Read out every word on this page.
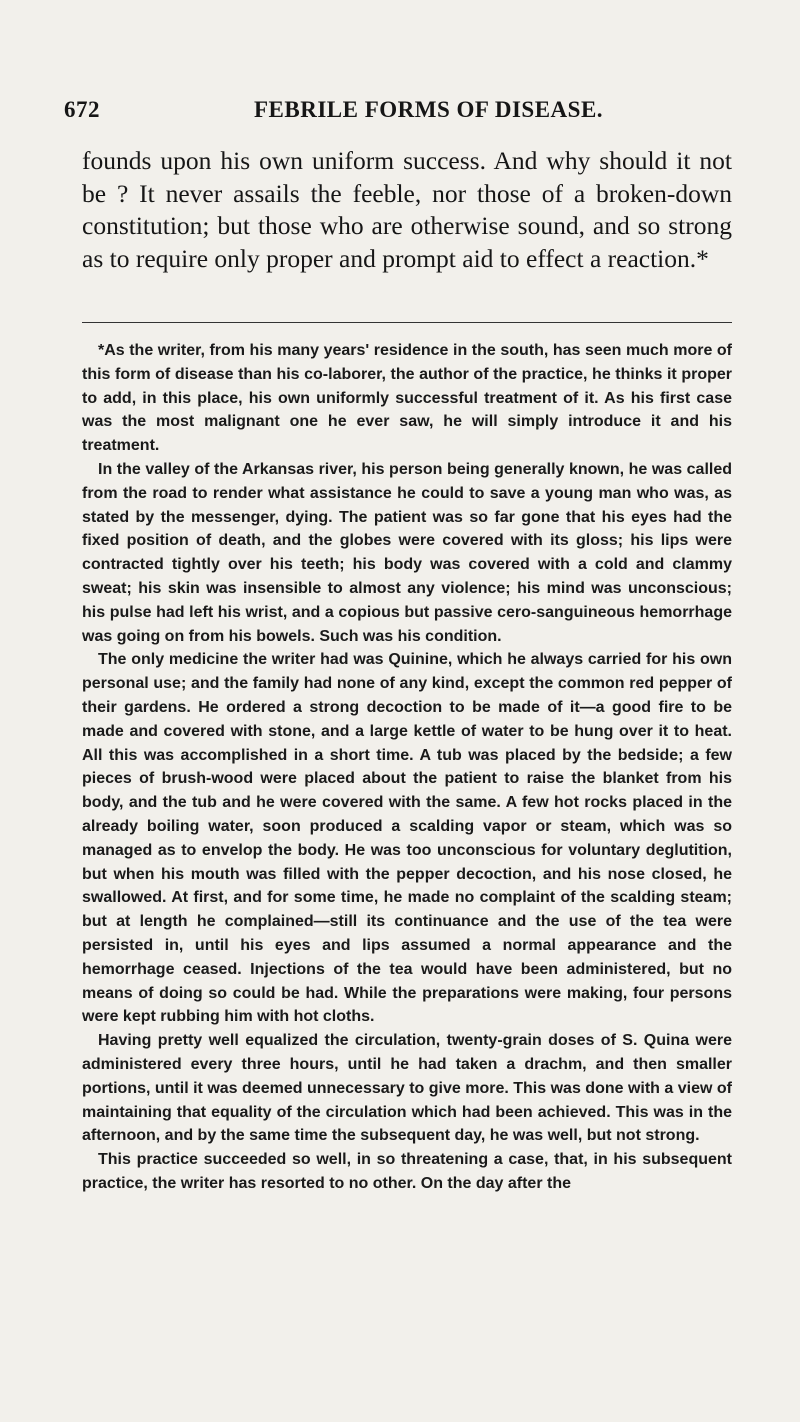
672	FEBRILE FORMS OF DISEASE.

founds upon his own uniform success. And why should it not be ? It never assails the feeble, nor those of a broken-down constitution; but those who are otherwise sound, and so strong as to require only proper and prompt aid to effect a reaction.*

*As the writer, from his many years' residence in the south, has seen much more of this form of disease than his co-laborer, the author of the practice, he thinks it proper to add, in this place, his own uniformly successful treatment of it. As his first case was the most malignant one he ever saw, he will simply introduce it and his treatment.

In the valley of the Arkansas river, his person being generally known, he was called from the road to render what assistance he could to save a young man who was, as stated by the messenger, dying. The patient was so far gone that his eyes had the fixed position of death, and the globes were covered with its gloss; his lips were contracted tightly over his teeth; his body was covered with a cold and clammy sweat; his skin was insensible to almost any violence; his mind was unconscious; his pulse had left his wrist, and a copious but passive cero-sanguineous hemorrhage was going on from his bowels. Such was his condition.

The only medicine the writer had was Quinine, which he always carried for his own personal use; and the family had none of any kind, except the common red pepper of their gardens. He ordered a strong decoction to be made of it—a good fire to be made and covered with stone, and a large kettle of water to be hung over it to heat. All this was accomplished in a short time. A tub was placed by the bedside; a few pieces of brush-wood were placed about the patient to raise the blanket from his body, and the tub and he were covered with the same. A few hot rocks placed in the already boiling water, soon produced a scalding vapor or steam, which was so managed as to envelop the body. He was too unconscious for voluntary deglutition, but when his mouth was filled with the pepper decoction, and his nose closed, he swallowed. At first, and for some time, he made no complaint of the scalding steam; but at length he complained—still its continuance and the use of the tea were persisted in, until his eyes and lips assumed a normal appearance and the hemorrhage ceased. Injections of the tea would have been administered, but no means of doing so could be had. While the preparations were making, four persons were kept rubbing him with hot cloths.

Having pretty well equalized the circulation, twenty-grain doses of S. Quina were administered every three hours, until he had taken a drachm, and then smaller portions, until it was deemed unnecessary to give more. This was done with a view of maintaining that equality of the circulation which had been achieved. This was in the afternoon, and by the same time the subsequent day, he was well, but not strong.

This practice succeeded so well, in so threatening a case, that, in his subsequent practice, the writer has resorted to no other. On the day after the
